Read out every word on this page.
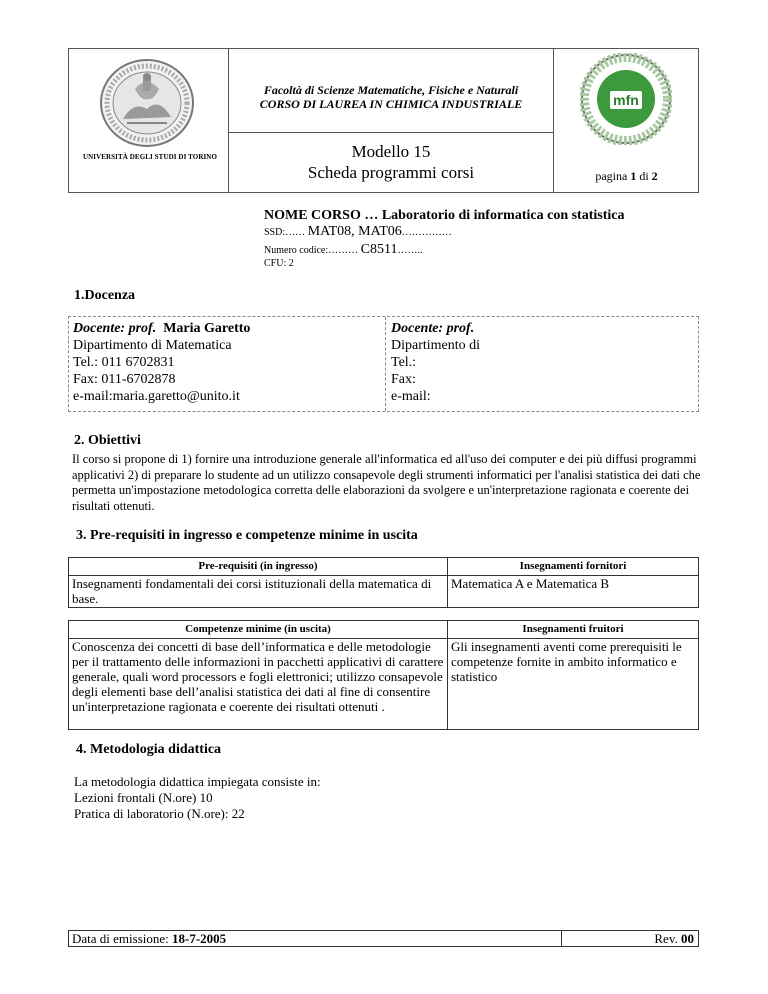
UNIVERSITÀ DEGLI STUDI DI TORINO
Facoltà di Scienze Matematiche, Fisiche e Naturali
CORSO DI LAUREA IN CHIMICA INDUSTRIALE
Modello 15
Scheda programmi corsi
mfn
pagina 1 di 2
NOME CORSO … Laboratorio di informatica con statistica
SSD:…… MAT08, MAT06……………
Numero codice:……… C8511……..
CFU: 2
1.Docenza
Docente: prof. Maria Garetto
Dipartimento di Matematica
Tel.: 011 6702831
Fax: 011-6702878
e-mail:maria.garetto@unito.it
Docente: prof.
Dipartimento di
Tel.:
Fax:
e-mail:
2. Obiettivi
Il corso si propone di 1) fornire una introduzione generale all'informatica ed all'uso dei computer e dei più diffusi programmi applicativi 2) di preparare lo studente ad un utilizzo consapevole degli strumenti informatici per l'analisi statistica dei dati che permetta un'impostazione metodologica corretta delle elaborazioni da svolgere e un'interpretazione ragionata e coerente dei risultati ottenuti.
3. Pre-requisiti in ingresso e competenze minime in uscita
Pre-requisiti (in ingresso)	Insegnamenti fornitori
Insegnamenti fondamentali dei corsi istituzionali della matematica di base.	Matematica A e Matematica B
Competenze minime (in uscita)	Insegnamenti fruitori
Conoscenza dei concetti di base dell’informatica e delle metodologie per il trattamento delle informazioni in pacchetti applicativi di carattere generale, quali word processors e fogli elettronici; utilizzo consapevole degli elementi base dell’analisi statistica dei dati al fine di consentire un'interpretazione ragionata e coerente dei risultati ottenuti .	Gli insegnamenti aventi come prerequisiti le competenze fornite in ambito informatico e statistico
4. Metodologia didattica
La metodologia didattica impiegata consiste in:
Lezioni frontali (N.ore) 10
Pratica di laboratorio (N.ore): 22
Data di emissione: 18-7-2005	Rev. 00
